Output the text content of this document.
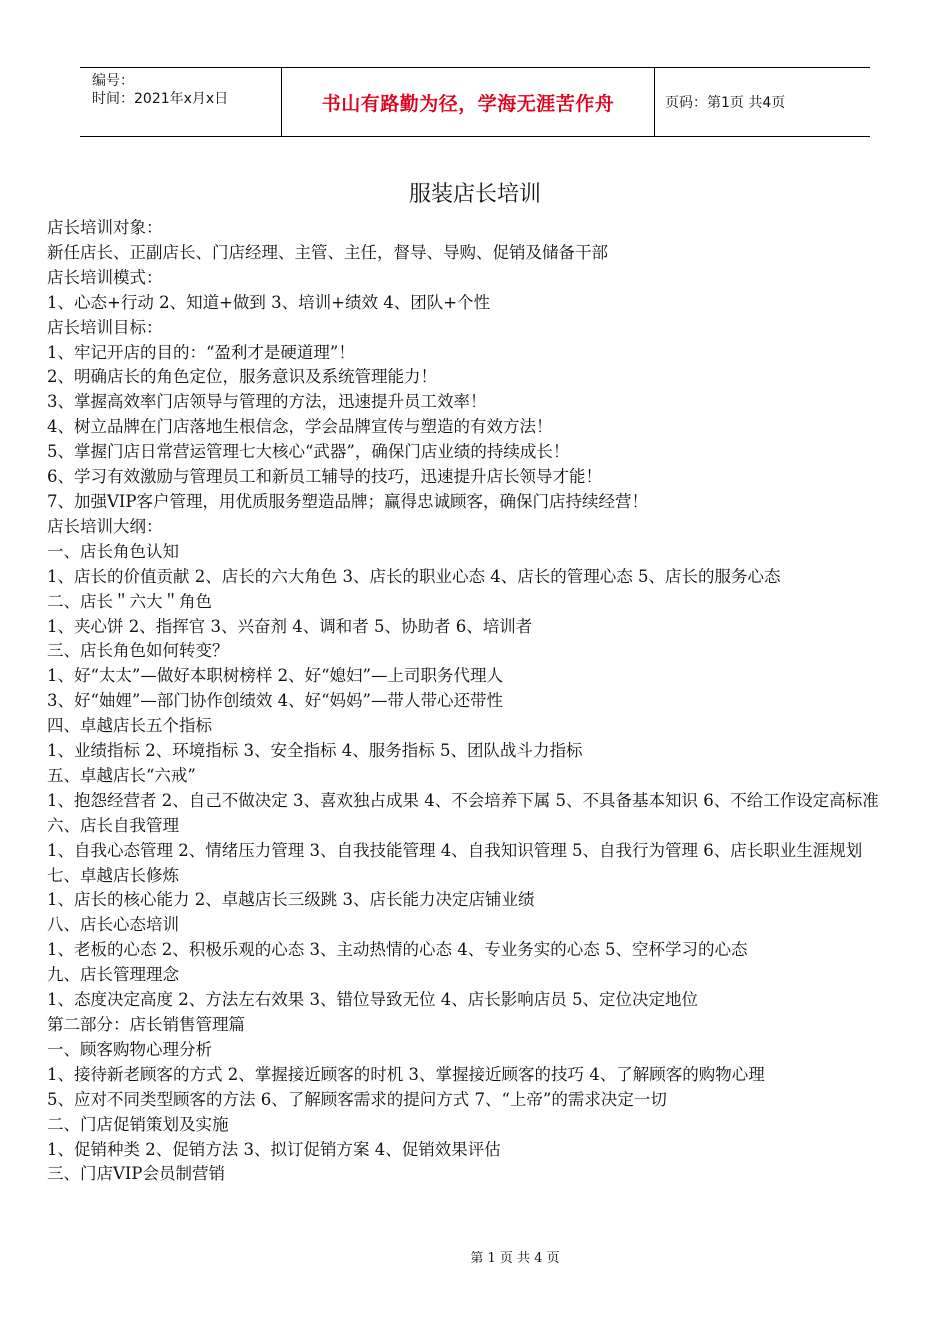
编号：
时间：2021年x月x日	书山有路勤为径，学海无涯苦作舟	页码：第1页 共4页
服装店长培训
店长培训对象：
新任店长、正副店长、门店经理、主管、主任，督导、导购、促销及储备干部
店长培训模式：
1、心态+行动 2、知道+做到 3、培训+绩效 4、团队+个性
店长培训目标：
1、牢记开店的目的：“盈利才是硬道理”！
2、明确店长的角色定位，服务意识及系统管理能力！
3、掌握高效率门店领导与管理的方法，迅速提升员工效率！
4、树立品牌在门店落地生根信念，学会品牌宣传与塑造的有效方法！
5、掌握门店日常营运管理七大核心“武器”，确保门店业绩的持续成长！
6、学习有效激励与管理员工和新员工辅导的技巧，迅速提升店长领导才能！
7、加强VIP客户管理，用优质服务塑造品牌；赢得忠诚顾客，确保门店持续经营！
店长培训大纲：
一、店长角色认知
1、店长的价值贡献 2、店长的六大角色 3、店长的职业心态 4、店长的管理心态 5、店长的服务心态
二、店长＂六大＂角色
1、夹心饼 2、指挥官 3、兴奋剂 4、调和者 5、协助者 6、培训者
三、店长角色如何转变？
1、好“太太”—做好本职树榜样 2、好“媳妇”—上司职务代理人
3、好“妯娌”—部门协作创绩效 4、好“妈妈”—带人带心还带性
四、卓越店长五个指标
1、业绩指标 2、环境指标 3、安全指标 4、服务指标 5、团队战斗力指标
五、卓越店长“六戒”
1、抱怨经营者 2、自己不做决定 3、喜欢独占成果 4、不会培养下属 5、不具备基本知识 6、不给工作设定高标准
六、店长自我管理
1、自我心态管理 2、情绪压力管理 3、自我技能管理 4、自我知识管理 5、自我行为管理 6、店长职业生涯规划
七、卓越店长修炼
1、店长的核心能力 2、卓越店长三级跳 3、店长能力决定店铺业绩
八、店长心态培训
1、老板的心态 2、积极乐观的心态 3、主动热情的心态 4、专业务实的心态 5、空杯学习的心态
九、店长管理理念
1、态度决定高度 2、方法左右效果 3、错位导致无位 4、店长影响店员 5、定位决定地位
第二部分：店长销售管理篇
一、顾客购物心理分析
1、接待新老顾客的方式 2、掌握接近顾客的时机 3、掌握接近顾客的技巧 4、了解顾客的购物心理
5、应对不同类型顾客的方法 6、了解顾客需求的提问方式 7、“上帝”的需求决定一切
二、门店促销策划及实施
1、促销种类 2、促销方法 3、拟订促销方案 4、促销效果评估
三、门店VIP会员制营销
第 1 页 共 4 页
